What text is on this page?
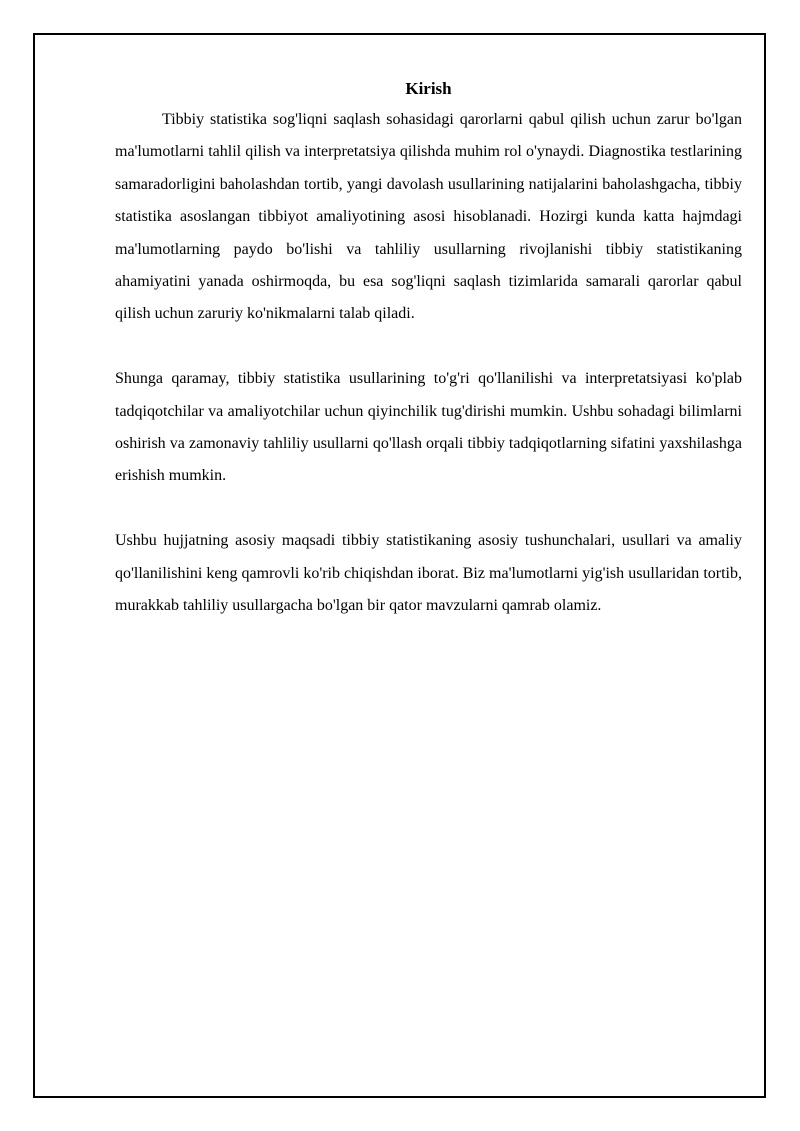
Kirish

Tibbiy statistika sog'liqni saqlash sohasidagi qarorlarni qabul qilish uchun zarur bo'lgan ma'lumotlarni tahlil qilish va interpretatsiya qilishda muhim rol o'ynaydi. Diagnostika testlarining samaradorligini baholashdan tortib, yangi davolash usullarining natijalarini baholashgacha, tibbiy statistika asoslangan tibbiyot amaliyotining asosi hisoblanadi. Hozirgi kunda katta hajmdagi ma'lumotlarning paydo bo'lishi va tahliliy usullarning rivojlanishi tibbiy statistikaning ahamiyatini yanada oshirmoqda, bu esa sog'liqni saqlash tizimlarida samarali qarorlar qabul qilish uchun zaruriy ko'nikmalarni talab qiladi.

Shunga qaramay, tibbiy statistika usullarining to'g'ri qo'llanilishi va interpretatsiyasi ko'plab tadqiqotchilar va amaliyotchilar uchun qiyinchilik tug'dirishi mumkin. Ushbu sohadagi bilimlarni oshirish va zamonaviy tahliliy usullarni qo'llash orqali tibbiy tadqiqotlarning sifatini yaxshilashga erishish mumkin.

Ushbu hujjatning asosiy maqsadi tibbiy statistikaning asosiy tushunchalari, usullari va amaliy qo'llanilishini keng qamrovli ko'rib chiqishdan iborat. Biz ma'lumotlarni yig'ish usullaridan tortib, murakkab tahliliy usullargacha bo'lgan bir qator mavzularni qamrab olamiz.
